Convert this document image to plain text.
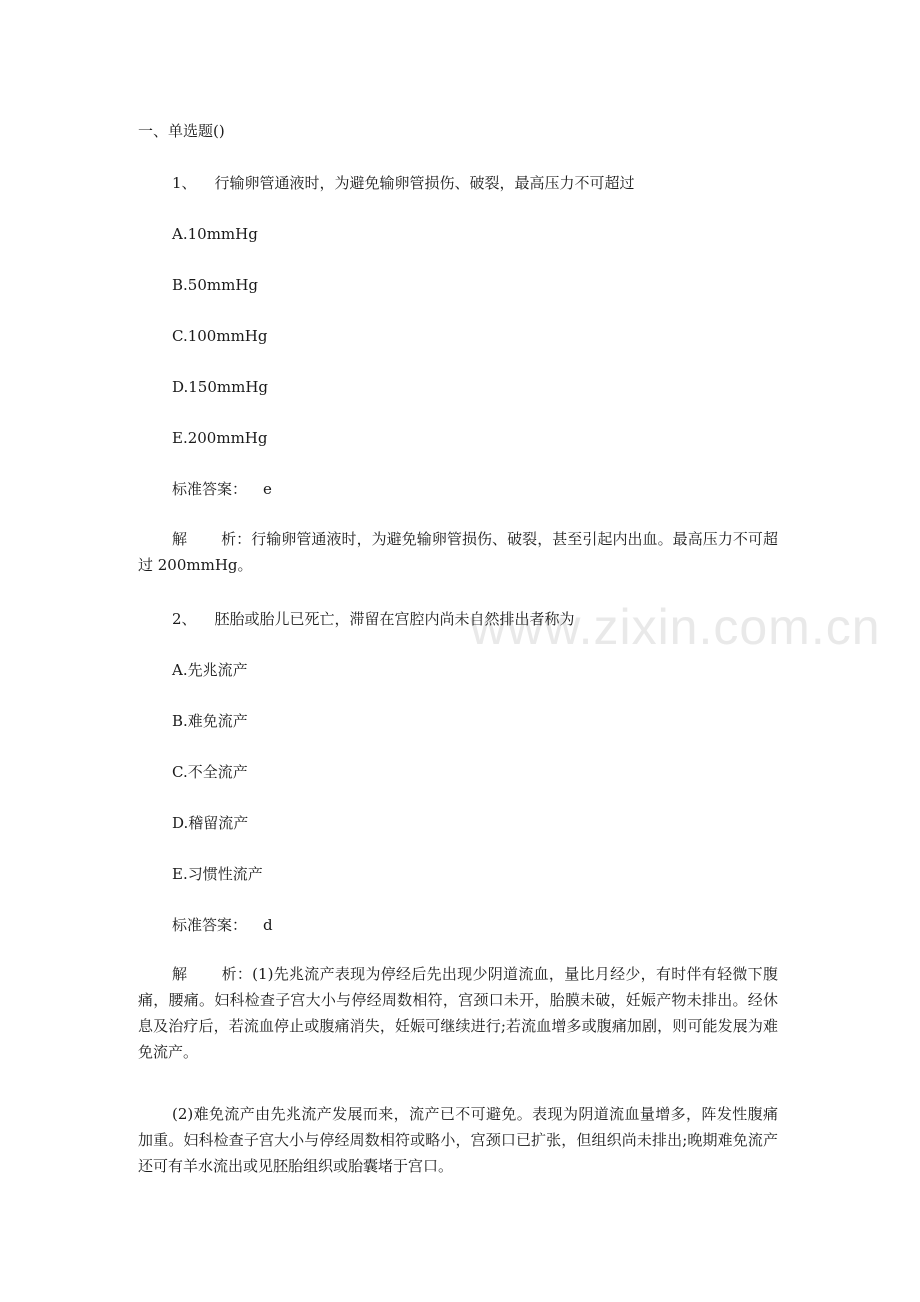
www.zixin.com.cn
一、单选题()
1、 行输卵管通液时，为避免输卵管损伤、破裂，最高压力不可超过
A.10mmHg
B.50mmHg
C.100mmHg
D.150mmHg
E.200mmHg
标准答案： e
解 析：行输卵管通液时，为避免输卵管损伤、破裂，甚至引起内出血。最高压力不可超过 200mmHg。
2、 胚胎或胎儿已死亡，滞留在宫腔内尚未自然排出者称为
A.先兆流产
B.难免流产
C.不全流产
D.稽留流产
E.习惯性流产
标准答案： d
解 析：(1)先兆流产表现为停经后先出现少阴道流血，量比月经少，有时伴有轻微下腹痛，腰痛。妇科检查子宫大小与停经周数相符，宫颈口未开，胎膜未破，妊娠产物未排出。经休息及治疗后，若流血停止或腹痛消失，妊娠可继续进行;若流血增多或腹痛加剧，则可能发展为难免流产。
(2)难免流产由先兆流产发展而来，流产已不可避免。表现为阴道流血量增多，阵发性腹痛加重。妇科检查子宫大小与停经周数相符或略小，宫颈口已扩张，但组织尚未排出;晚期难免流产还可有羊水流出或见胚胎组织或胎囊堵于宫口。
